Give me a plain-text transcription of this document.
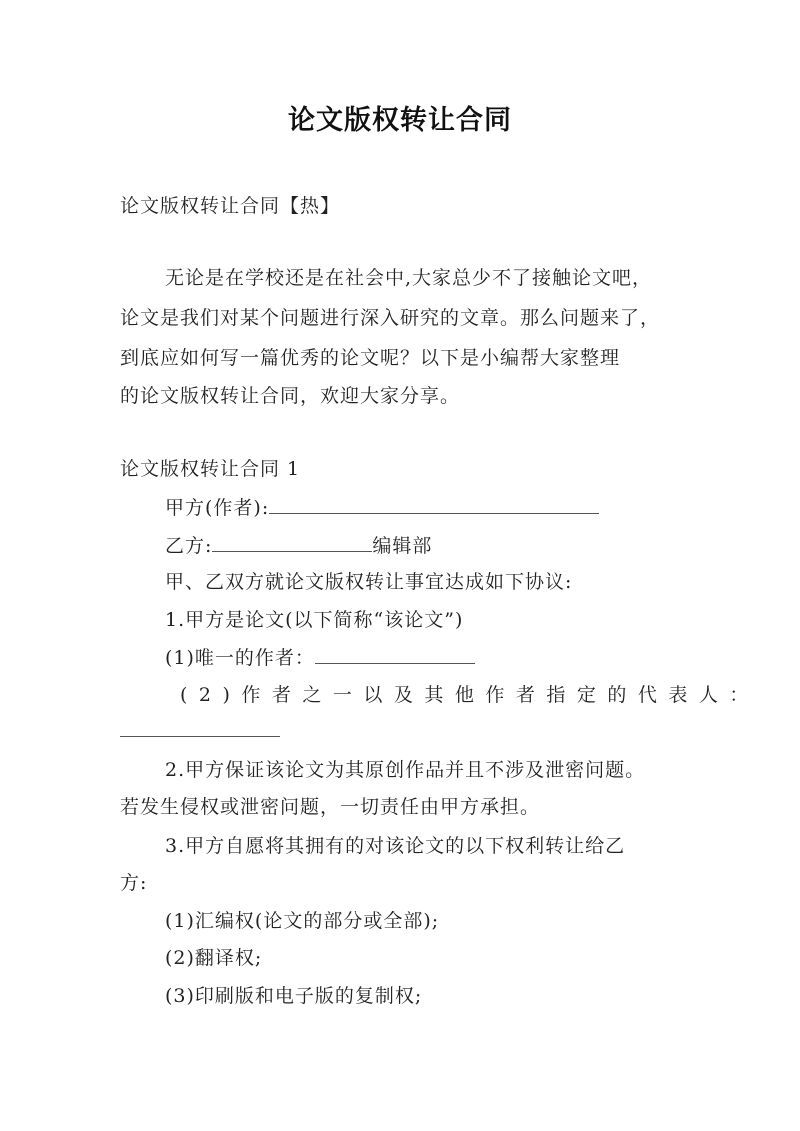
论文版权转让合同
论文版权转让合同【热】
无论是在学校还是在社会中,大家总少不了接触论文吧，
论文是我们对某个问题进行深入研究的文章。那么问题来了，
到底应如何写一篇优秀的论文呢？以下是小编帮大家整理
的论文版权转让合同，欢迎大家分享。
论文版权转让合同 1
甲方(作者):
乙方:	编辑部
甲、乙双方就论文版权转让事宜达成如下协议:
1.甲方是论文(以下简称“该论文”)
(1)唯一的作者：
(2)作者之一以及其他作者指定的代表人：
2.甲方保证该论文为其原创作品并且不涉及泄密问题。
若发生侵权或泄密问题，一切责任由甲方承担。
3.甲方自愿将其拥有的对该论文的以下权利转让给乙
方:
(1)汇编权(论文的部分或全部);
(2)翻译权;
(3)印刷版和电子版的复制权;
